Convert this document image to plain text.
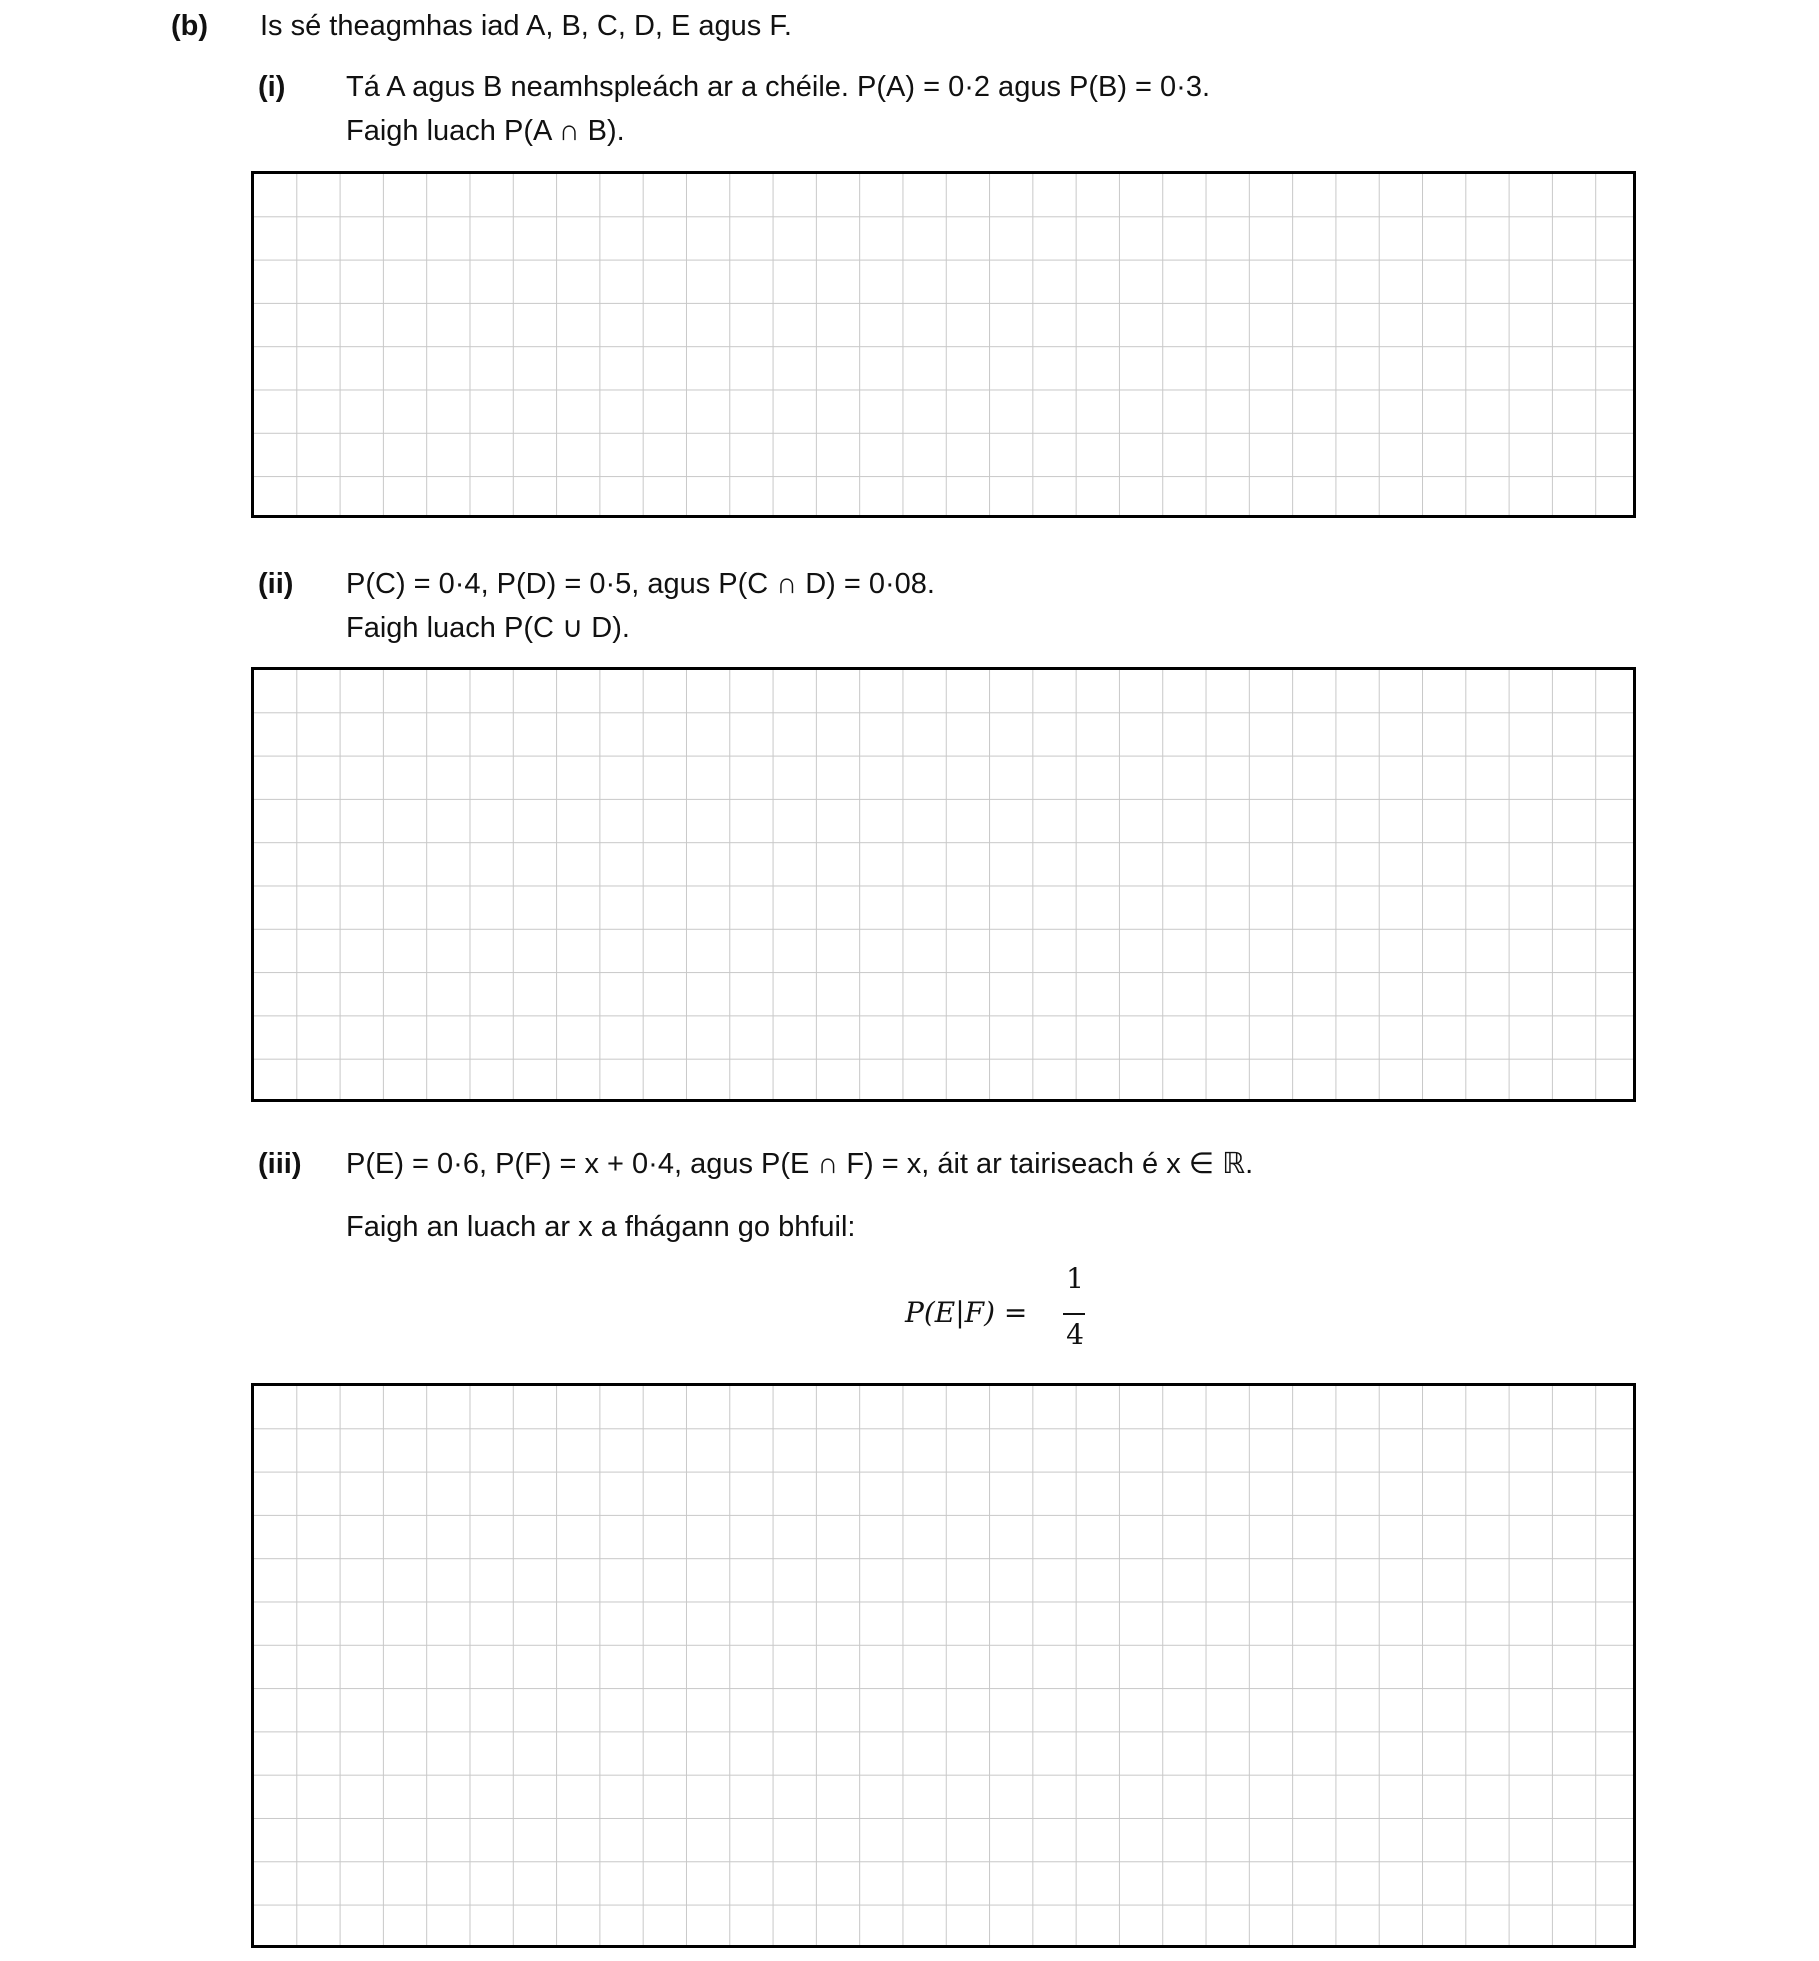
(b) Is sé theagmhas iad A, B, C, D, E agus F.
(i) Tá A agus B neamhspleách ar a chéile. P(A) = 0·2 agus P(B) = 0·3.
Faigh luach P(A ∩ B).
(ii) P(C) = 0·4, P(D) = 0·5, agus P(C ∩ D) = 0·08.
Faigh luach P(C ∪ D).
(iii) P(E) = 0·6, P(F) = x + 0·4, agus P(E ∩ F) = x, áit ar tairiseach é x ∈ ℝ.
Faigh an luach ar x a fhágann go bhfuil:
P(E|F) =
1
4
